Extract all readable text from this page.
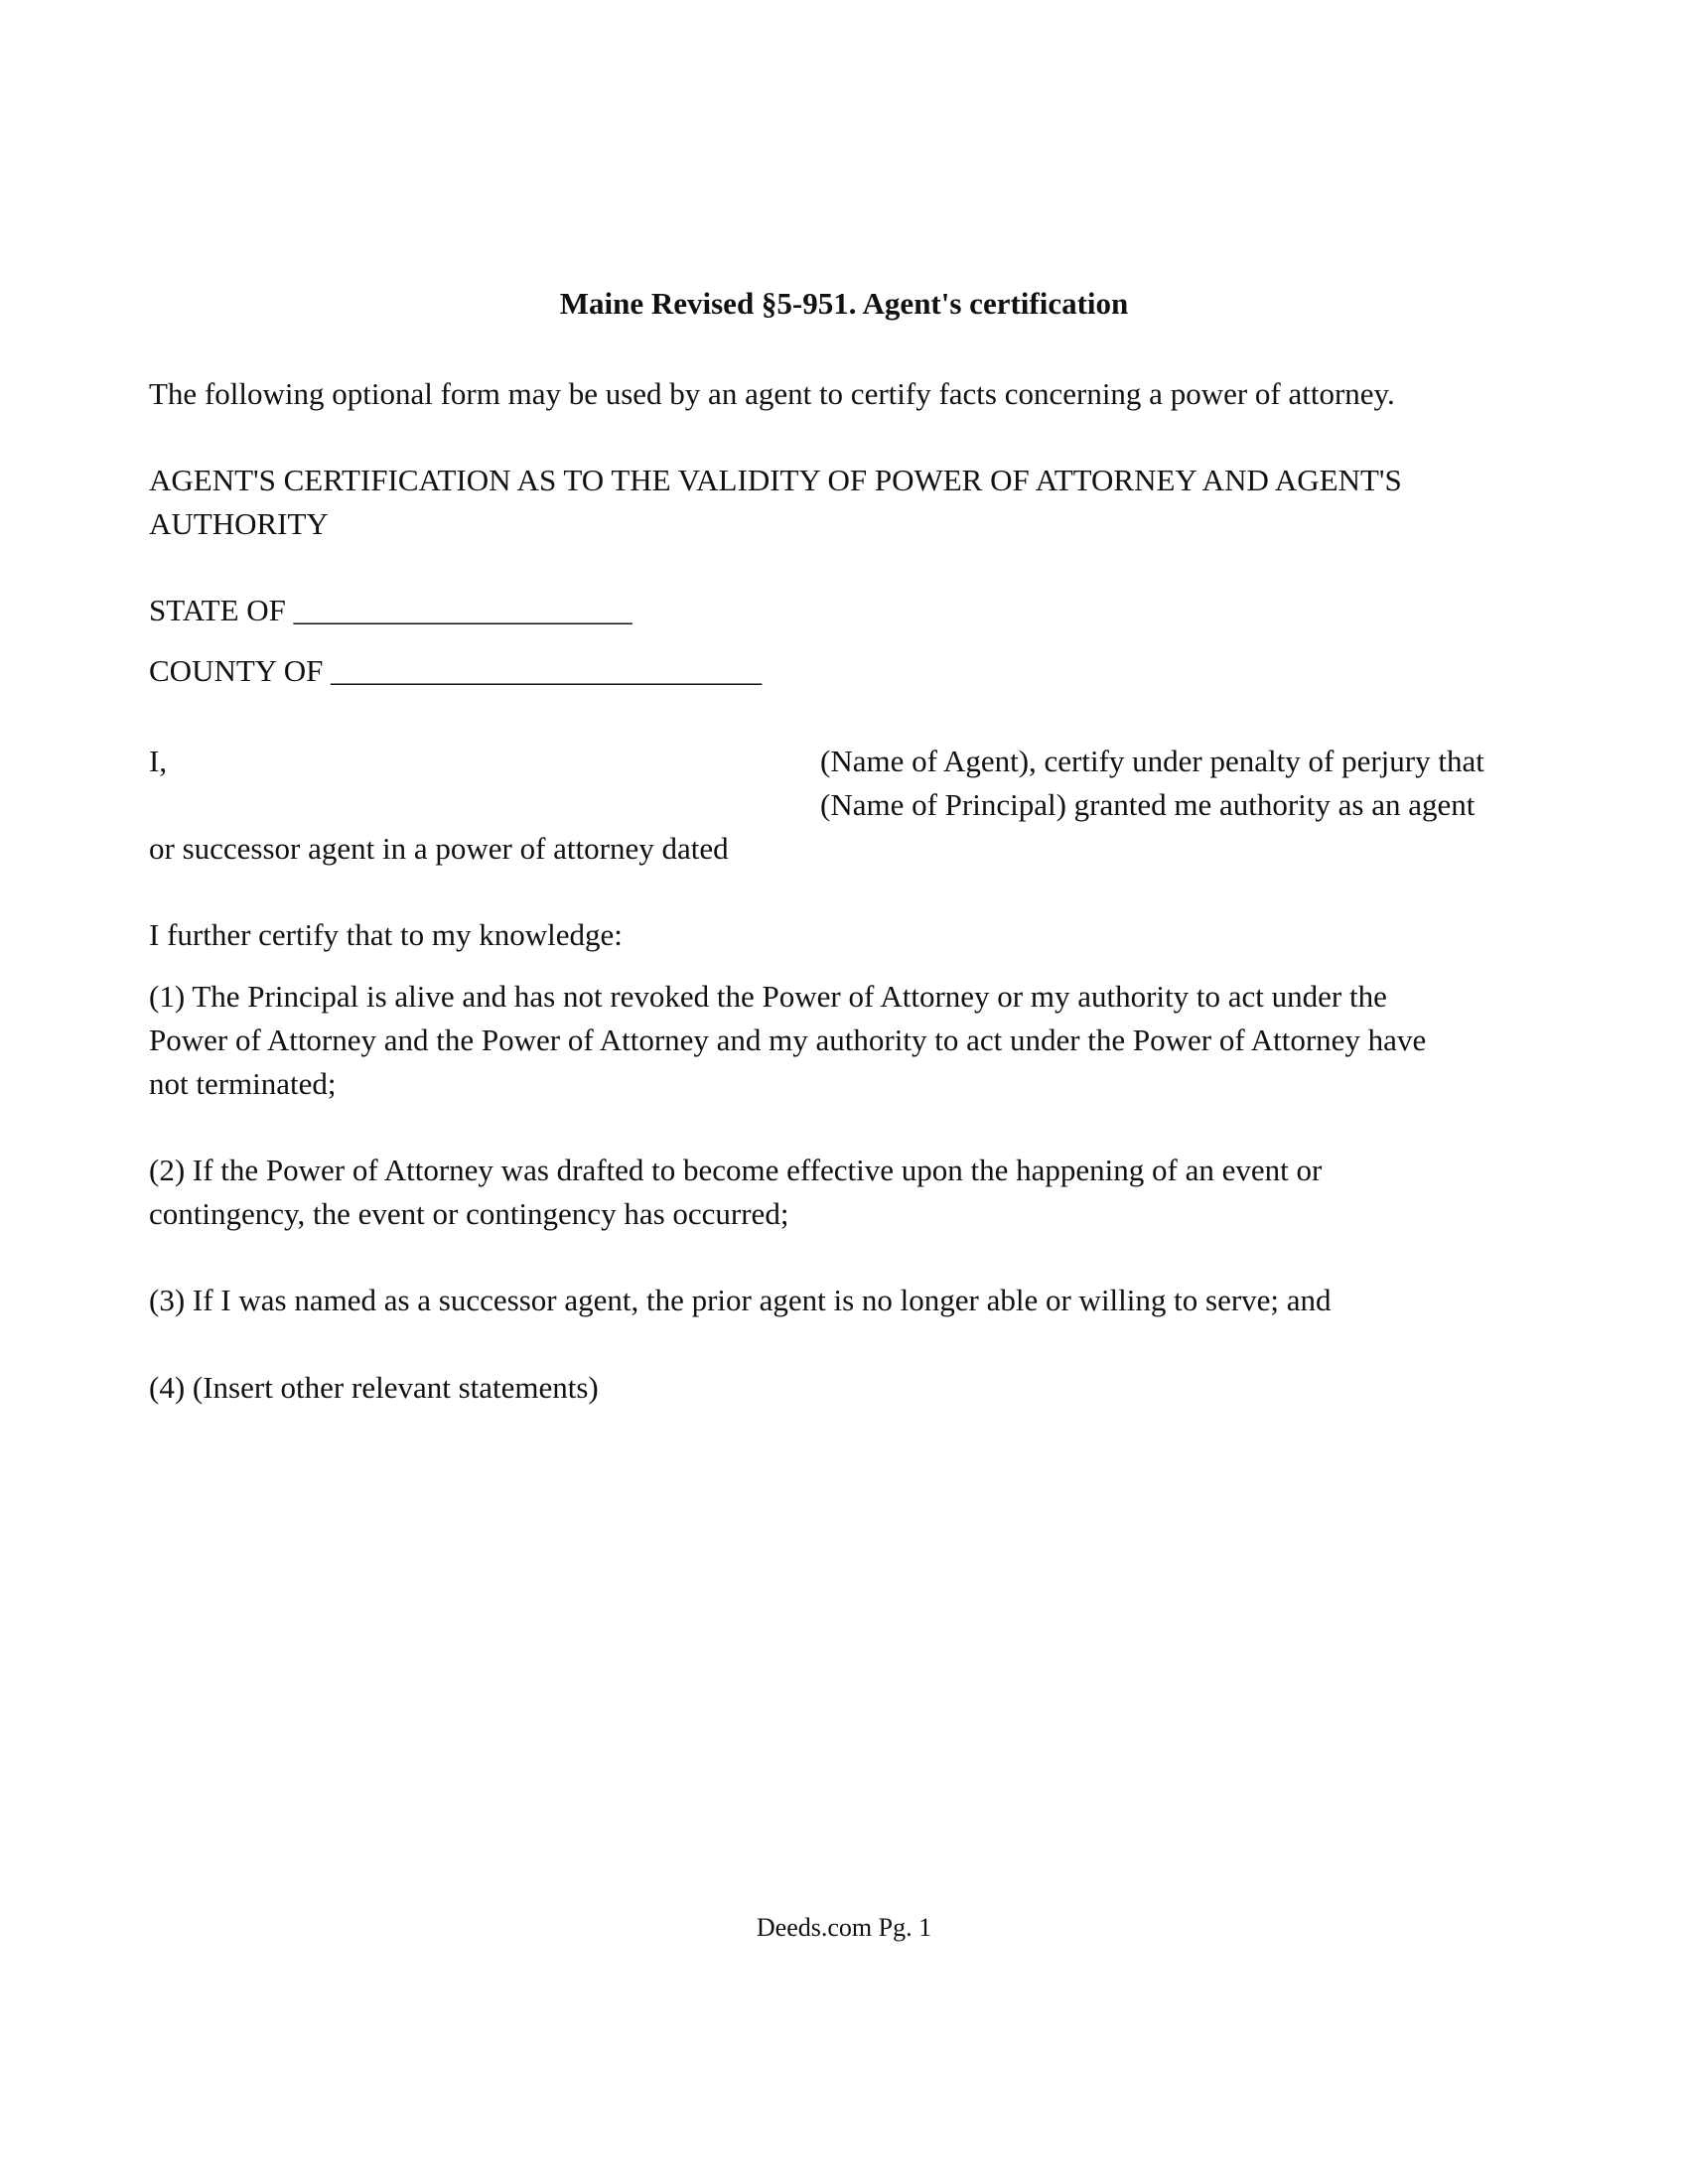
Maine Revised §5-951. Agent's certification
The following optional form may be used by an agent to certify facts concerning a power of attorney.
AGENT'S CERTIFICATION AS TO THE VALIDITY OF POWER OF ATTORNEY AND AGENT'S
AUTHORITY
STATE OF ______________________
COUNTY OF ____________________________
I,	(Name of Agent), certify under penalty of perjury that
(Name of Principal) granted me authority as an agent
or successor agent in a power of attorney dated
I further certify that to my knowledge:
(1) The Principal is alive and has not revoked the Power of Attorney or my authority to act under the
Power of Attorney and the Power of Attorney and my authority to act under the Power of Attorney have
not terminated;
(2) If the Power of Attorney was drafted to become effective upon the happening of an event or
contingency, the event or contingency has occurred;
(3) If I was named as a successor agent, the prior agent is no longer able or willing to serve; and
(4) (Insert other relevant statements)
Deeds.com Pg. 1
